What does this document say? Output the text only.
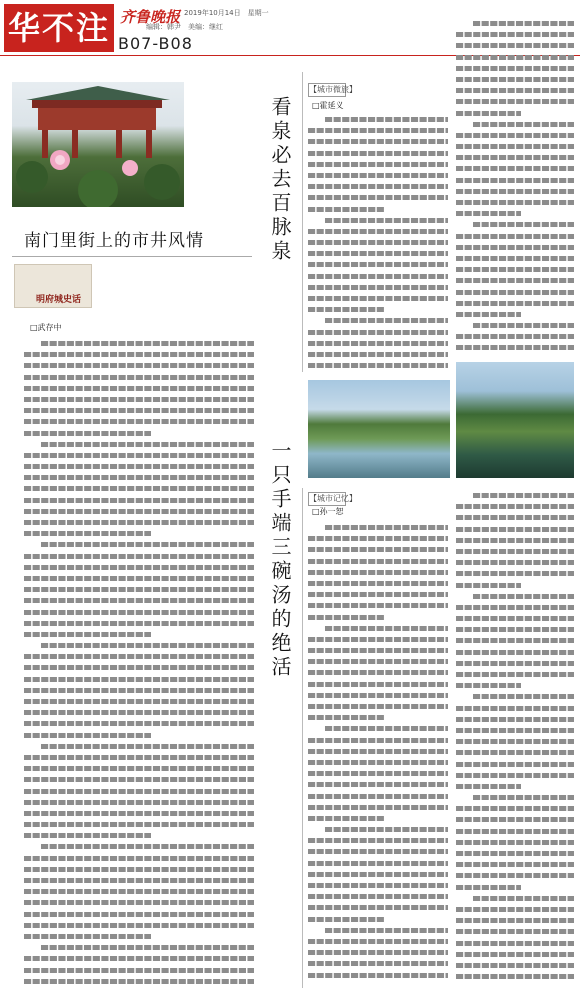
华不注 齐鲁晚报 2019年10月14日　星期一
编辑：韩尹　美编：继红
B07-B08
南门里街上的市井风情
明府城史话
□武存中
看泉必去百脉泉
【城市微旅】
□霍延义
一只手端三碗汤的绝活	【城市记忆】
□孙一恕
